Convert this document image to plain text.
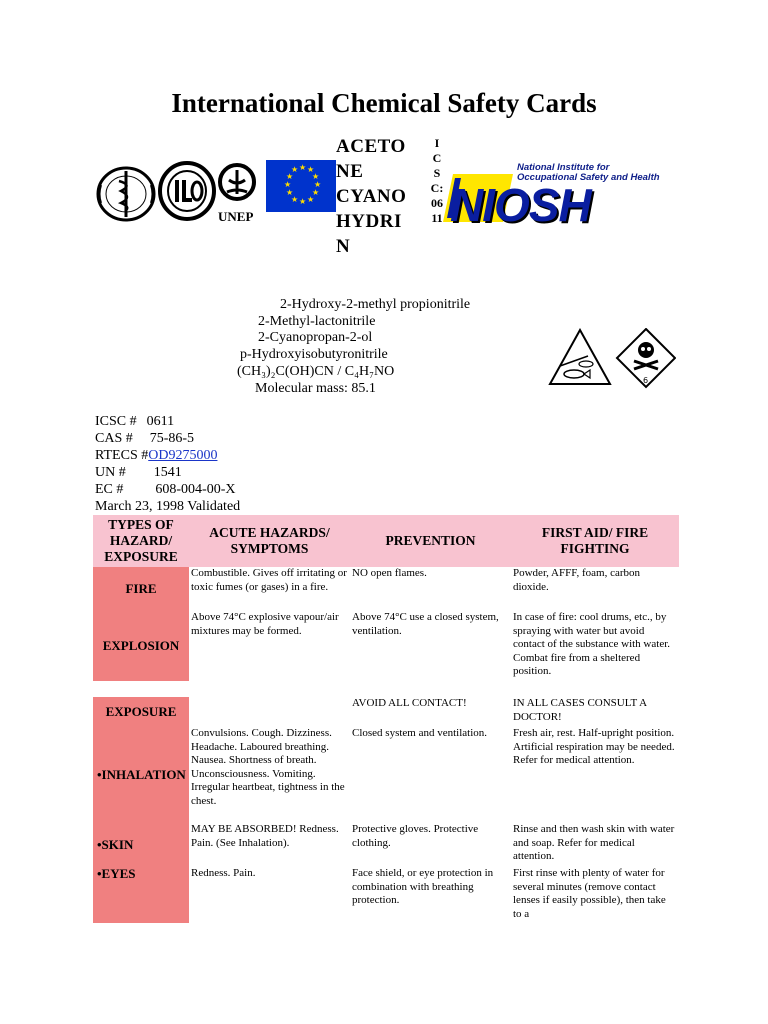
International Chemical Safety Cards
ACETO
NE
CYANO
HYDRI
N
I
C
S
C:
06
11
UNEP
★ ★
★
★
★
★
★
★
★
★
★
★	National Institute for
Occupational Safety and Health
NIOSH
2-Hydroxy-2-methyl propionitrile
2-Methyl-lactonitrile
2-Cyanopropan-2-ol
p-Hydroxyisobutyronitrile
(CH₃)₂C(OH)CN / C₄H₇NO
Molecular mass: 85.1
6
ICSC # 0611
CAS # 75-86-5
RTECS #OD9275000
UN # 1541
EC # 608-004-00-X
March 23, 1998 Validated
TYPES OF HAZARD/ EXPOSURE	ACUTE HAZARDS/ SYMPTOMS	PREVENTION	FIRST AID/ FIRE FIGHTING
FIRE	Combustible. Gives off irritating or toxic fumes (or gases) in a fire.	NO open flames.	Powder, AFFF, foam, carbon dioxide.
EXPLOSION	Above 74°C explosive vapour/air mixtures may be formed.	Above 74°C use a closed system, ventilation.	In case of fire: cool drums, etc., by spraying with water but avoid contact of the substance with water. Combat fire from a sheltered position.

EXPOSURE		AVOID ALL CONTACT!	IN ALL CASES CONSULT A DOCTOR!
•INHALATION	Convulsions. Cough. Dizziness. Headache. Laboured breathing. Nausea. Shortness of breath. Unconsciousness. Vomiting. Irregular heartbeat, tightness in the chest.	Closed system and ventilation.	Fresh air, rest. Half-upright position. Artificial respiration may be needed. Refer for medical attention.
•SKIN	MAY BE ABSORBED! Redness. Pain. (See Inhalation).	Protective gloves. Protective clothing.	Rinse and then wash skin with water and soap. Refer for medical attention.
•EYES	Redness. Pain.	Face shield, or eye protection in combination with breathing protection.	First rinse with plenty of water for several minutes (remove contact lenses if easily possible), then take to a
